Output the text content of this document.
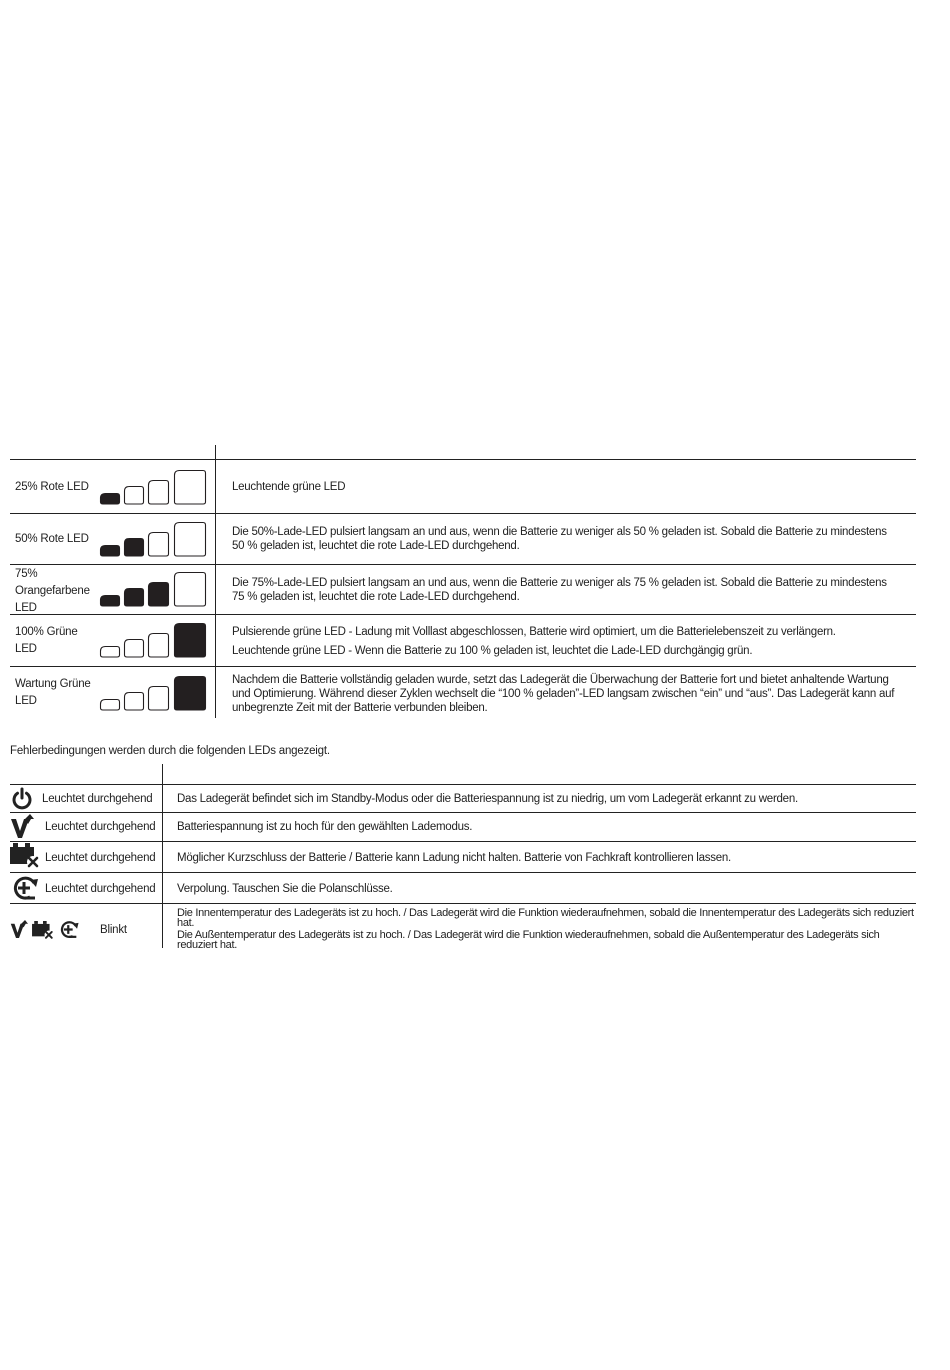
25% Rote LED	Leuchtende grüne LED
50% Rote LED
Die 50%-Lade-LED pulsiert langsam an und aus, wenn die Batterie zu weniger als 50 % geladen ist. Sobald die Batterie zu mindestens 50 % geladen ist, leuchtet die rote Lade-LED durchgehend.
75% Orangefarbene LED
Die 75%-Lade-LED pulsiert langsam an und aus, wenn die Batterie zu weniger als 75 % geladen ist. Sobald die Batterie zu mindestens 75 % geladen ist, leuchtet die rote Lade-LED durchgehend.
100% Grüne LED
Pulsierende grüne LED - Ladung mit Volllast abgeschlossen, Batterie wird optimiert, um die Batterielebenszeit zu verlängern.
Leuchtende grüne LED - Wenn die Batterie zu 100 % geladen ist, leuchtet die Lade-LED durchgängig grün.
Wartung Grüne LED
Nachdem die Batterie vollständig geladen wurde, setzt das Ladegerät die Überwachung der Batterie fort und bietet anhaltende Wartung und Optimierung. Während dieser Zyklen wechselt die “100 % geladen”-LED langsam zwischen “ein” und “aus”. Das Ladegerät kann auf unbegrenzte Zeit mit der Batterie verbunden bleiben.
Fehlerbedingungen werden durch die folgenden LEDs angezeigt.
Leuchtet durchgehend Das Ladegerät befindet sich im Standby-Modus oder die Batteriespannung ist zu niedrig, um vom Ladegerät erkannt zu werden.
Leuchtet durchgehend Batteriespannung ist zu hoch für den gewählten Lademodus.
Leuchtet durchgehend Möglicher Kurzschluss der Batterie / Batterie kann Ladung nicht halten. Batterie von Fachkraft kontrollieren lassen.
Leuchtet durchgehend Verpolung. Tauschen Sie die Polanschlüsse.
Blinkt
Die Innentemperatur des Ladegeräts ist zu hoch. / Das Ladegerät wird die Funktion wiederaufnehmen, sobald die Innentemperatur des Ladegeräts sich reduziert hat.
Die Außentemperatur des Ladegeräts ist zu hoch. / Das Ladegerät wird die Funktion wiederaufnehmen, sobald die Außentemperatur des Ladegeräts sich reduziert hat.
